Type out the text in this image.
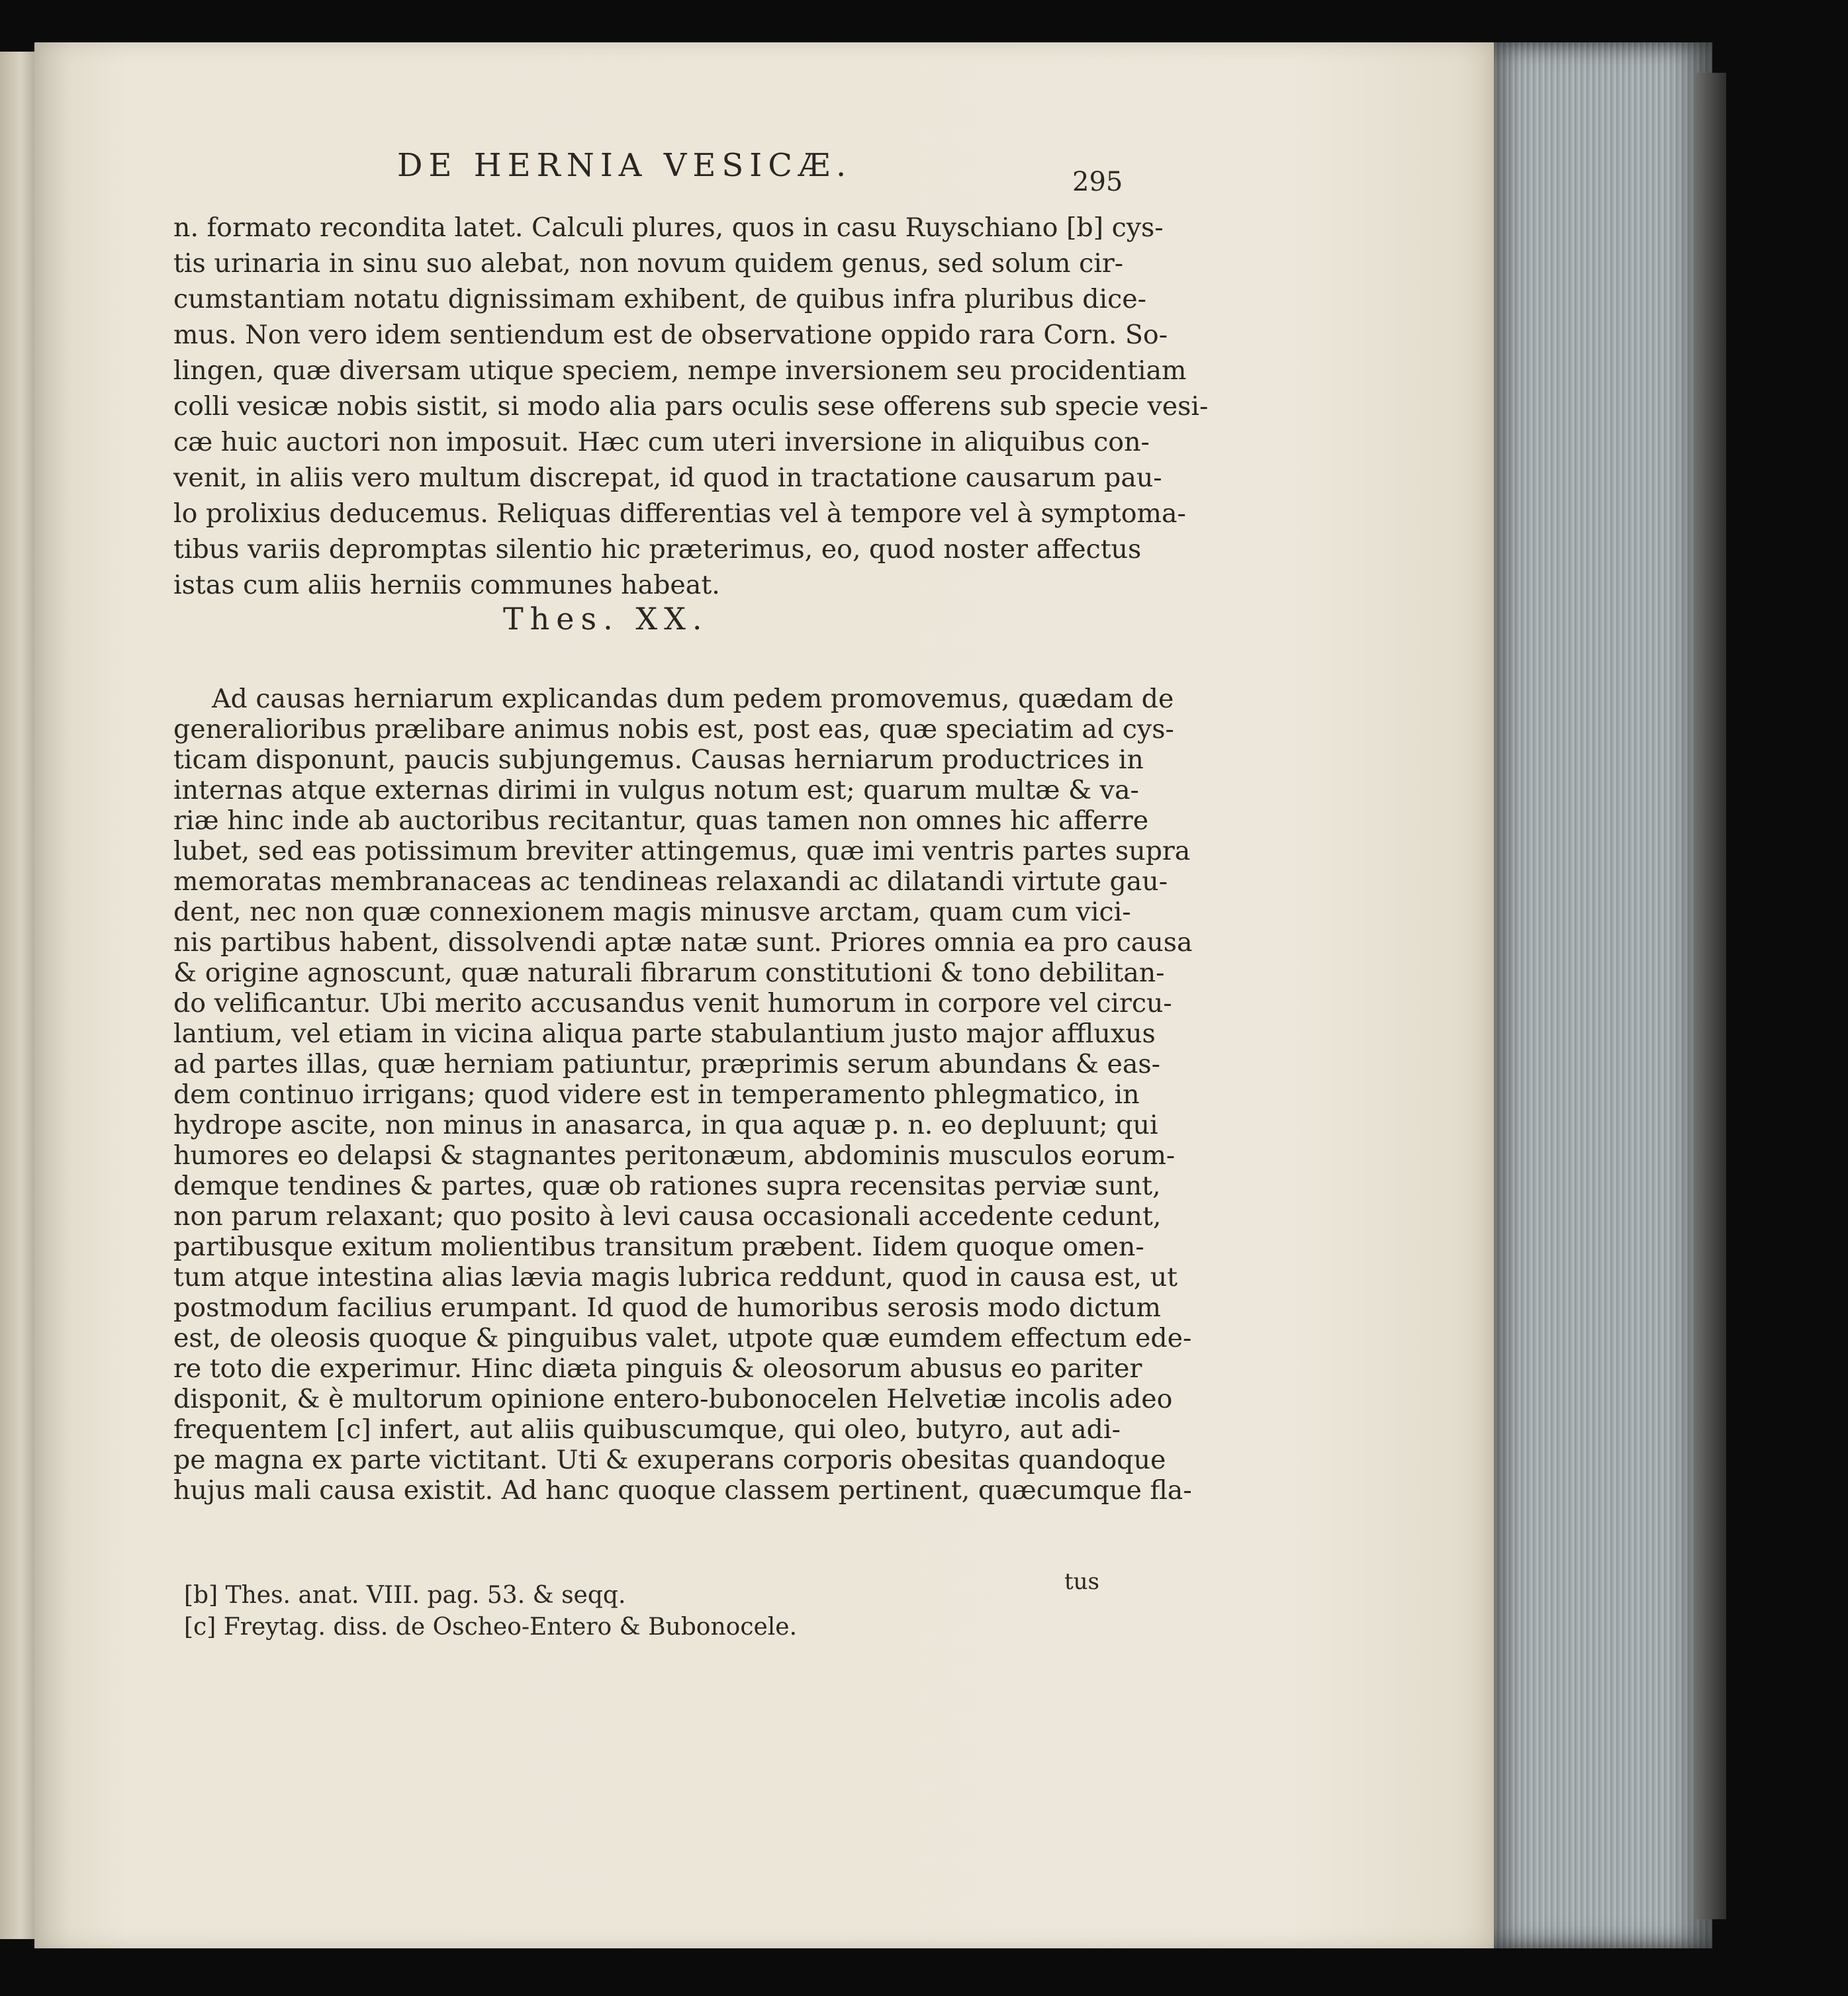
DE HERNIA VESICÆ.	295
n. formato recondita latet. Calculi plures, quos in casu Ruyschiano [b] cys-
tis urinaria in sinu suo alebat, non novum quidem genus, sed solum cir-
cumstantiam notatu dignissimam exhibent, de quibus infra pluribus dice-
mus. Non vero idem sentiendum est de observatione oppido rara Corn. So-
lingen, quæ diversam utique speciem, nempe inversionem seu procidentiam
colli vesicæ nobis sistit, si modo alia pars oculis sese offerens sub specie vesi-
cæ huic auctori non imposuit. Hæc cum uteri inversione in aliquibus con-
venit, in aliis vero multum discrepat, id quod in tractatione causarum pau-
lo prolixius deducemus. Reliquas differentias vel à tempore vel à symptoma-
tibus variis depromptas silentio hic præterimus, eo, quod noster affectus
istas cum aliis herniis communes habeat.
Thes. XX.
Ad causas herniarum explicandas dum pedem promovemus, quædam de
generalioribus prælibare animus nobis est, post eas, quæ speciatim ad cys-
ticam disponunt, paucis subjungemus. Causas herniarum productrices in
internas atque externas dirimi in vulgus notum est; quarum multæ & va-
riæ hinc inde ab auctoribus recitantur, quas tamen non omnes hic afferre
lubet, sed eas potissimum breviter attingemus, quæ imi ventris partes supra
memoratas membranaceas ac tendineas relaxandi ac dilatandi virtute gau-
dent, nec non quæ connexionem magis minusve arctam, quam cum vici-
nis partibus habent, dissolvendi aptæ natæ sunt. Priores omnia ea pro causa
& origine agnoscunt, quæ naturali fibrarum constitutioni & tono debilitan-
do velificantur. Ubi merito accusandus venit humorum in corpore vel circu-
lantium, vel etiam in vicina aliqua parte stabulantium justo major affluxus
ad partes illas, quæ herniam patiuntur, præprimis serum abundans & eas-
dem continuo irrigans; quod videre est in temperamento phlegmatico, in
hydrope ascite, non minus in anasarca, in qua aquæ p. n. eo depluunt; qui
humores eo delapsi & stagnantes peritonæum, abdominis musculos eorum-
demque tendines & partes, quæ ob rationes supra recensitas perviæ sunt,
non parum relaxant; quo posito à levi causa occasionali accedente cedunt,
partibusque exitum molientibus transitum præbent. Iidem quoque omen-
tum atque intestina alias lævia magis lubrica reddunt, quod in causa est, ut
postmodum facilius erumpant. Id quod de humoribus serosis modo dictum
est, de oleosis quoque & pinguibus valet, utpote quæ eumdem effectum ede-
re toto die experimur. Hinc diæta pinguis & oleosorum abusus eo pariter
disponit, & è multorum opinione entero-bubonocelen Helvetiæ incolis adeo
frequentem [c] infert, aut aliis quibuscumque, qui oleo, butyro, aut adi-
pe magna ex parte victitant. Uti & exuperans corporis obesitas quandoque
hujus mali causa existit. Ad hanc quoque classem pertinent, quæcumque fla-
tus
[b] Thes. anat. VIII. pag. 53. & seqq.
[c] Freytag. diss. de Oscheo-Entero & Bubonocele.
